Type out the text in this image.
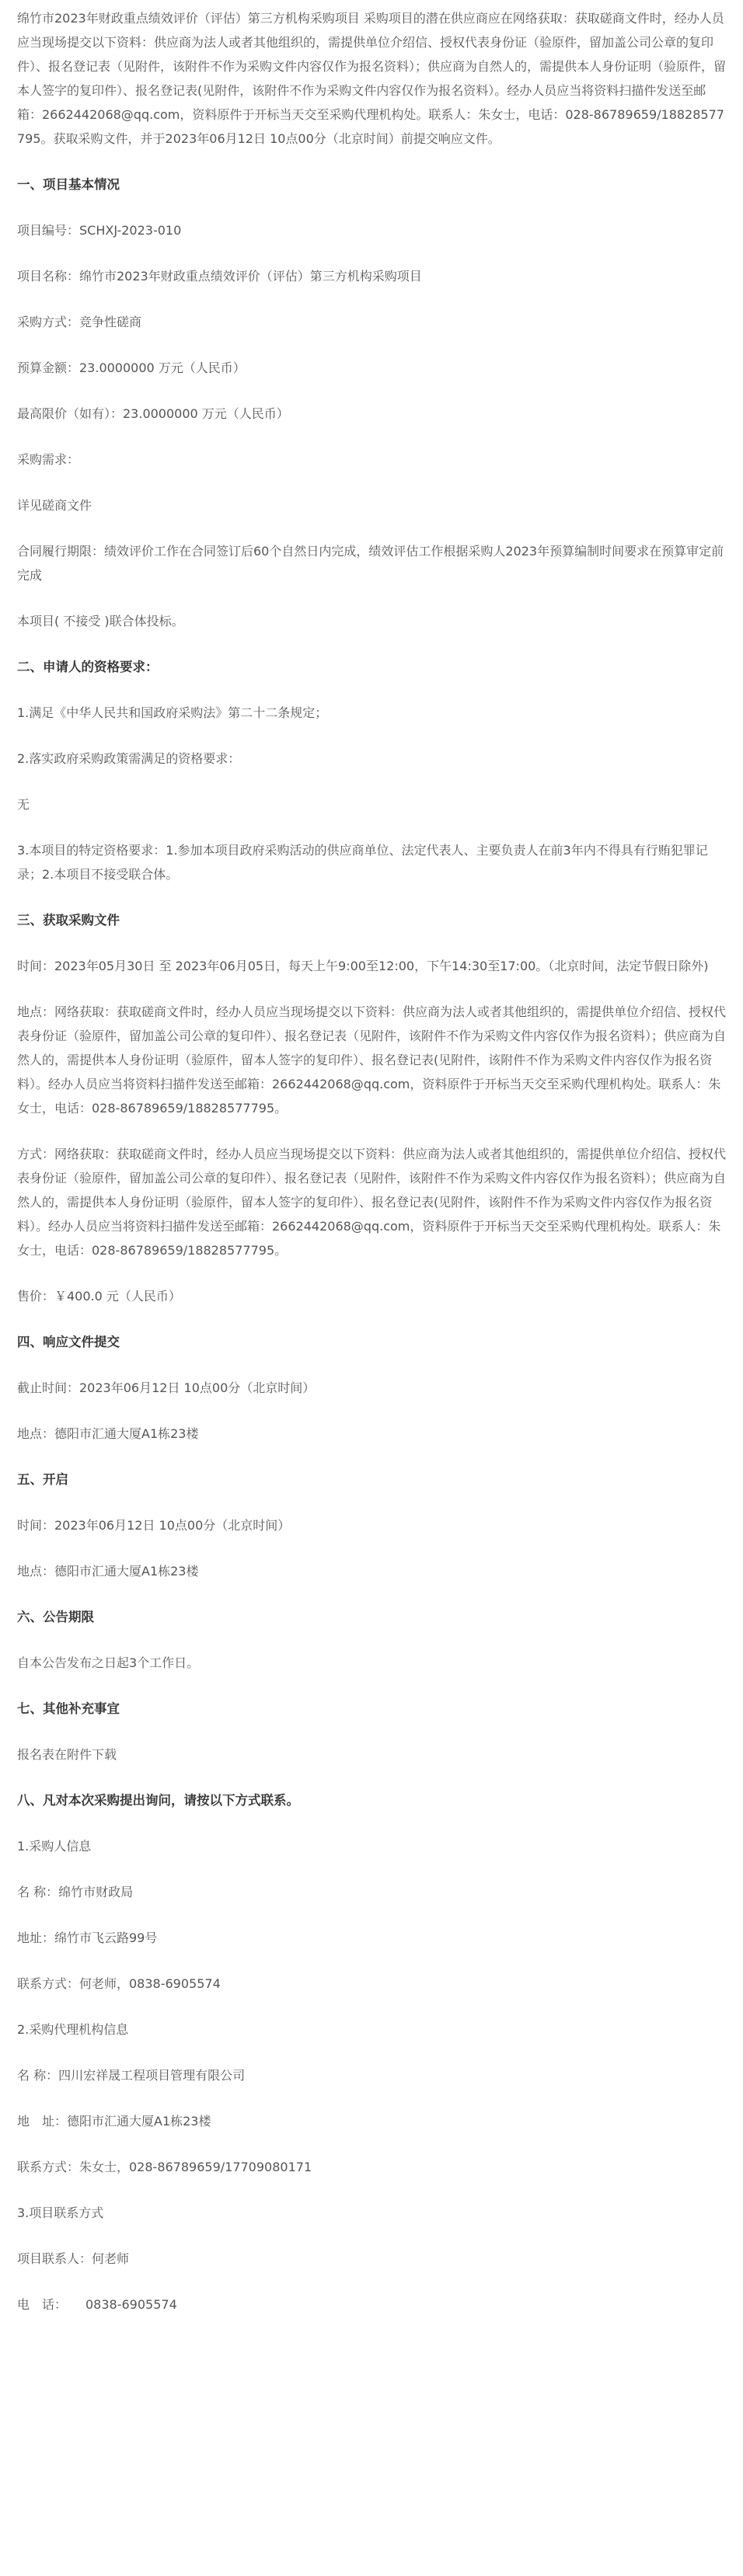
绵竹市2023年财政重点绩效评价（评估）第三方机构采购项目 采购项目的潜在供应商应在网络获取：获取磋商文件时，经办人员应当现场提交以下资料：供应商为法人或者其他组织的，需提供单位介绍信、授权代表身份证（验原件，留加盖公司公章的复印件）、报名登记表（见附件，该附件不作为采购文件内容仅作为报名资料）；供应商为自然人的，需提供本人身份证明（验原件，留本人签字的复印件）、报名登记表(见附件，该附件不作为采购文件内容仅作为报名资料）。经办人员应当将资料扫描件发送至邮箱：2662442068@qq.com，资料原件于开标当天交至采购代理机构处。联系人：朱女士，电话：028-86789659/18828577795。获取采购文件，并于2023年06月12日 10点00分（北京时间）前提交响应文件。

一、项目基本情况

项目编号：SCHXJ-2023-010

项目名称：绵竹市2023年财政重点绩效评价（评估）第三方机构采购项目

采购方式：竞争性磋商

预算金额：23.0000000 万元（人民币）

最高限价（如有）：23.0000000 万元（人民币）

采购需求：

详见磋商文件

合同履行期限：绩效评价工作在合同签订后60个自然日内完成，绩效评估工作根据采购人2023年预算编制时间要求在预算审定前完成

本项目( 不接受 )联合体投标。

二、申请人的资格要求：

1.满足《中华人民共和国政府采购法》第二十二条规定；

2.落实政府采购政策需满足的资格要求：

无

3.本项目的特定资格要求：1.参加本项目政府采购活动的供应商单位、法定代表人、主要负责人在前3年内不得具有行贿犯罪记录；2.本项目不接受联合体。

三、获取采购文件

时间：2023年05月30日 至 2023年06月05日，每天上午9:00至12:00，下午14:30至17:00。（北京时间，法定节假日除外)

地点：网络获取：获取磋商文件时，经办人员应当现场提交以下资料：供应商为法人或者其他组织的，需提供单位介绍信、授权代表身份证（验原件，留加盖公司公章的复印件）、报名登记表（见附件，该附件不作为采购文件内容仅作为报名资料）；供应商为自然人的，需提供本人身份证明（验原件，留本人签字的复印件）、报名登记表(见附件，该附件不作为采购文件内容仅作为报名资料）。经办人员应当将资料扫描件发送至邮箱：2662442068@qq.com，资料原件于开标当天交至采购代理机构处。联系人：朱女士，电话：028-86789659/18828577795。

方式：网络获取：获取磋商文件时，经办人员应当现场提交以下资料：供应商为法人或者其他组织的，需提供单位介绍信、授权代表身份证（验原件，留加盖公司公章的复印件）、报名登记表（见附件，该附件不作为采购文件内容仅作为报名资料）；供应商为自然人的，需提供本人身份证明（验原件，留本人签字的复印件）、报名登记表(见附件，该附件不作为采购文件内容仅作为报名资料）。经办人员应当将资料扫描件发送至邮箱：2662442068@qq.com，资料原件于开标当天交至采购代理机构处。联系人：朱女士，电话：028-86789659/18828577795。

售价：￥400.0 元（人民币）

四、响应文件提交

截止时间：2023年06月12日 10点00分（北京时间）

地点：德阳市汇通大厦A1栋23楼

五、开启

时间：2023年06月12日 10点00分（北京时间）

地点：德阳市汇通大厦A1栋23楼

六、公告期限

自本公告发布之日起3个工作日。

七、其他补充事宜

报名表在附件下载

八、凡对本次采购提出询问，请按以下方式联系。

1.采购人信息

名 称：绵竹市财政局

地址：绵竹市飞云路99号

联系方式：何老师，0838-6905574

2.采购代理机构信息

名 称：四川宏祥晟工程项目管理有限公司

地　址：德阳市汇通大厦A1栋23楼

联系方式：朱女士，028-86789659/17709080171

3.项目联系方式

项目联系人：何老师

电　话：　　0838-6905574
